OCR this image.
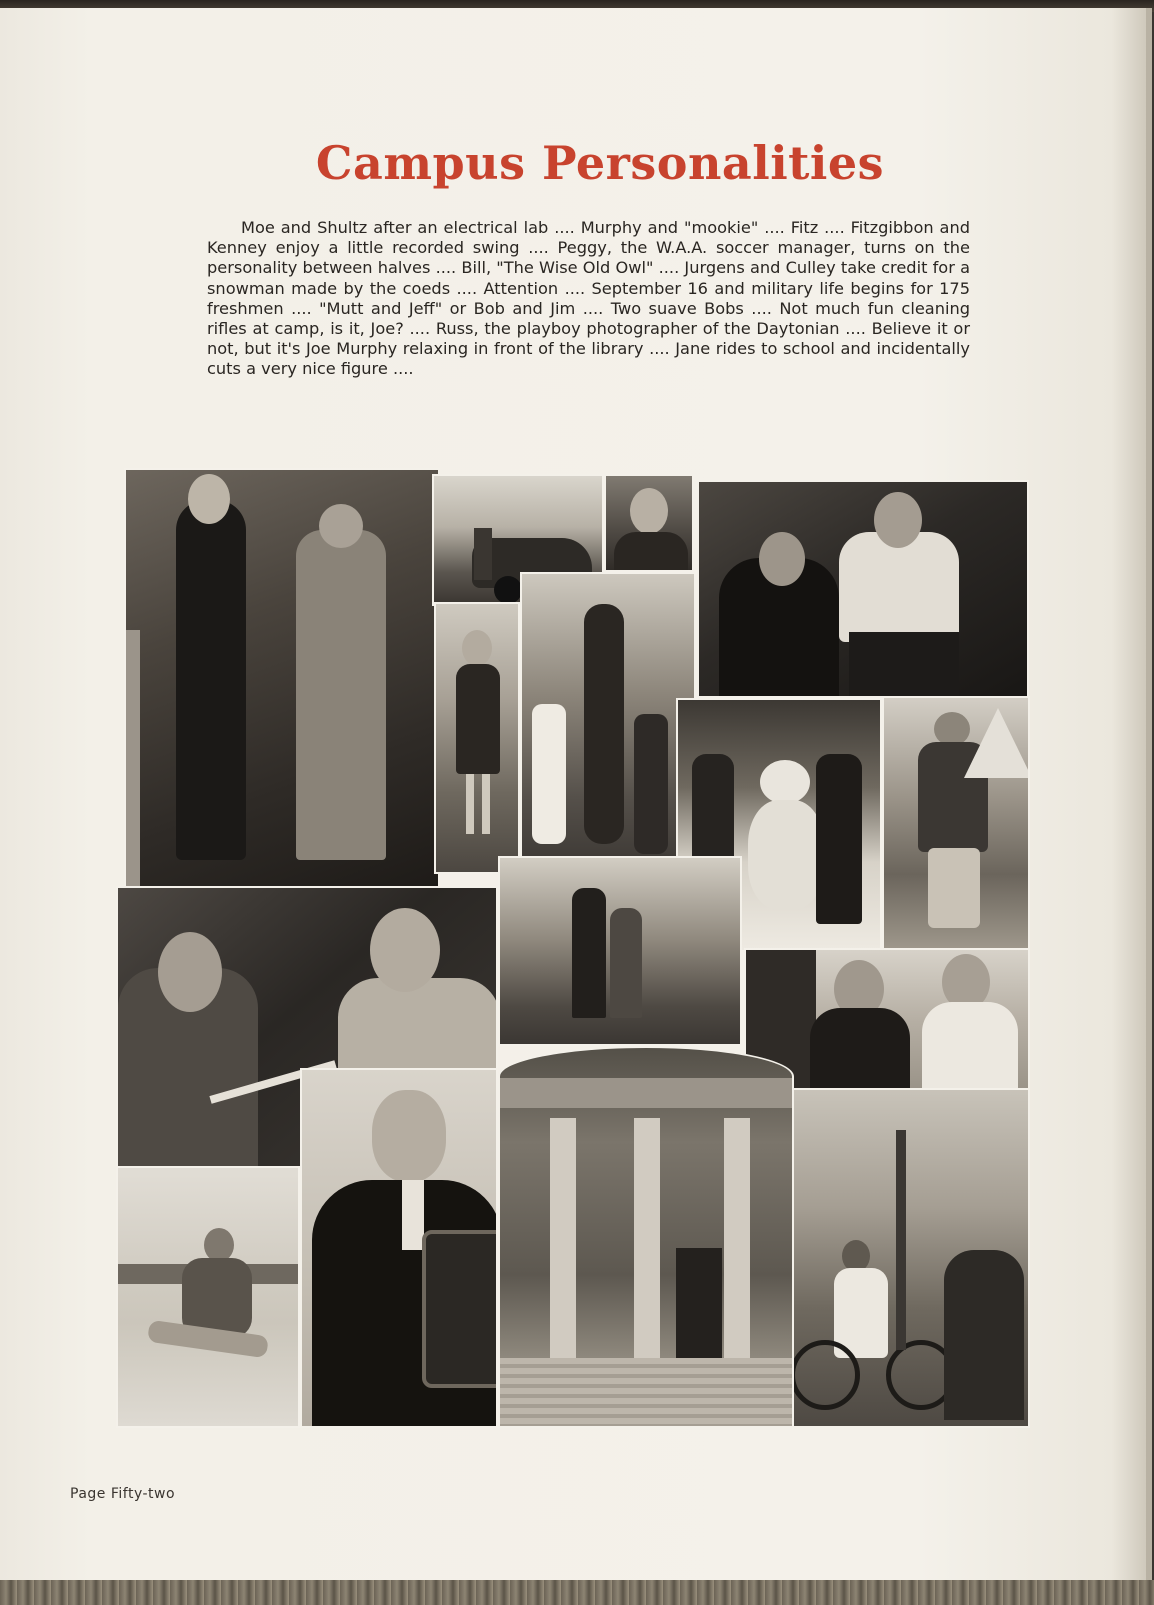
Campus Personalities

Moe and Shultz after an electrical lab .... Murphy and "mookie" .... Fitz .... Fitzgibbon and Kenney enjoy a little recorded swing .... Peggy, the W.A.A. soccer manager, turns on the personality between halves .... Bill, "The Wise Old Owl" .... Jurgens and Culley take credit for a snowman made by the coeds .... Attention .... September 16 and military life begins for 175 freshmen .... "Mutt and Jeff" or Bob and Jim .... Two suave Bobs .... Not much fun cleaning rifles at camp, is it, Joe? .... Russ, the playboy photographer of the Daytonian .... Believe it or not, but it's Joe Murphy relaxing in front of the library .... Jane rides to school and incidentally cuts a very nice figure ....

Page Fifty-two
